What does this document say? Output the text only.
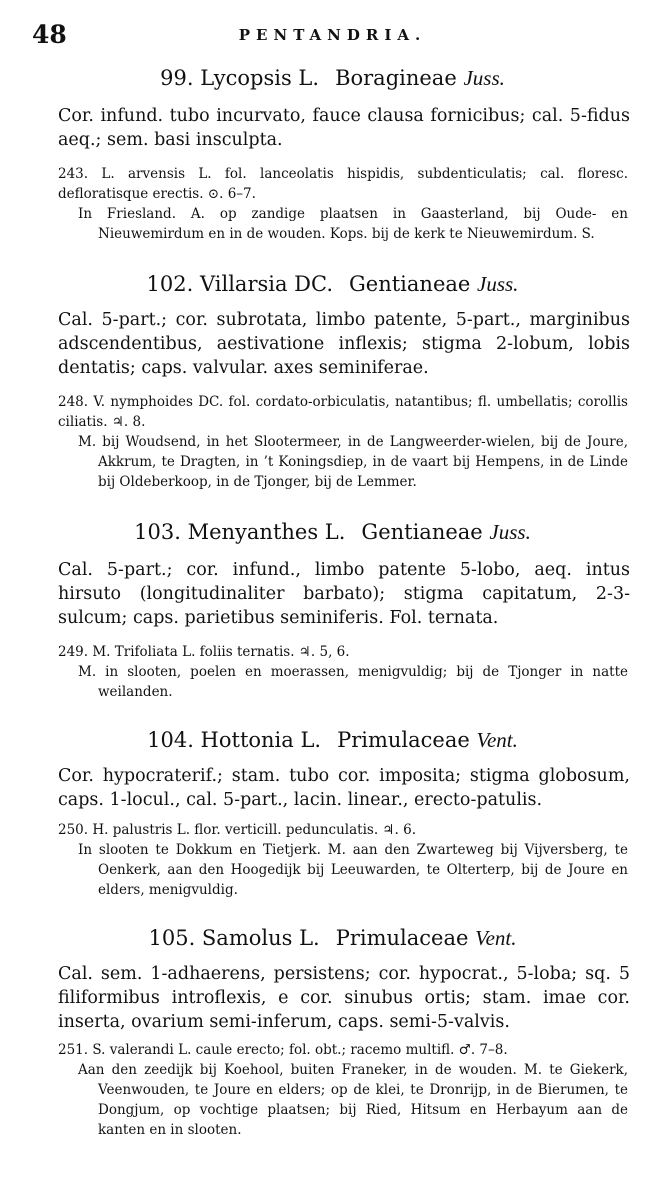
48	PENTANDRIA.
99. Lycopsis L. Boragineae Juss.
Cor. infund. tubo incurvato, fauce clausa fornicibus; cal. 5-fidus aeq.; sem. basi insculpta.
243. L. arvensis L. fol. lanceolatis hispidis, subdenticulatis; cal. floresc. defloratisque erectis. ⊙. 6–7.
In Friesland. A. op zandige plaatsen in Gaasterland, bij Oude- en Nieuwemirdum en in de wouden. Kops. bij de kerk te Nieuwemirdum. S.
102. Villarsia DC. Gentianeae Juss.
Cal. 5-part.; cor. subrotata, limbo patente, 5-part., marginibus adscendentibus, aestivatione inflexis; stigma 2-lobum, lobis dentatis; caps. valvular. axes seminiferae.
248. V. nymphoides DC. fol. cordato-orbiculatis, natantibus; fl. umbellatis; corollis ciliatis. ♃. 8.
M. bij Woudsend, in het Slootermeer, in de Langweerder-wielen, bij de Joure, Akkrum, te Dragten, in ’t Koningsdiep, in de vaart bij Hempens, in de Linde bij Oldeberkoop, in de Tjonger, bij de Lemmer.
103. Menyanthes L. Gentianeae Juss.
Cal. 5-part.; cor. infund., limbo patente 5-lobo, aeq. intus hirsuto (longitudinaliter barbato); stigma capitatum, 2-3-sulcum; caps. parietibus seminiferis. Fol. ternata.
249. M. Trifoliata L. foliis ternatis. ♃. 5, 6.
M. in slooten, poelen en moerassen, menigvuldig; bij de Tjonger in natte weilanden.
104. Hottonia L. Primulaceae Vent.
Cor. hypocraterif.; stam. tubo cor. imposita; stigma globosum, caps. 1-locul., cal. 5-part., lacin. linear., erecto-patulis.
250. H. palustris L. flor. verticill. pedunculatis. ♃. 6.
In slooten te Dokkum en Tietjerk. M. aan den Zwarteweg bij Vijversberg, te Oenkerk, aan den Hoogedijk bij Leeuwarden, te Olterterp, bij de Joure en elders, menigvuldig.
105. Samolus L. Primulaceae Vent.
Cal. sem. 1-adhaerens, persistens; cor. hypocrat., 5-loba; sq. 5 filiformibus introflexis, e cor. sinubus ortis; stam. imae cor. inserta, ovarium semi-inferum, caps. semi-5-valvis.
251. S. valerandi L. caule erecto; fol. obt.; racemo multifl. ♂. 7–8.
Aan den zeedijk bij Koehool, buiten Franeker, in de wouden. M. te Giekerk, Veenwouden, te Joure en elders; op de klei, te Dronrijp, in de Bierumen, te Dongjum, op vochtige plaatsen; bij Ried, Hitsum en Herbayum aan de kanten en in slooten.
